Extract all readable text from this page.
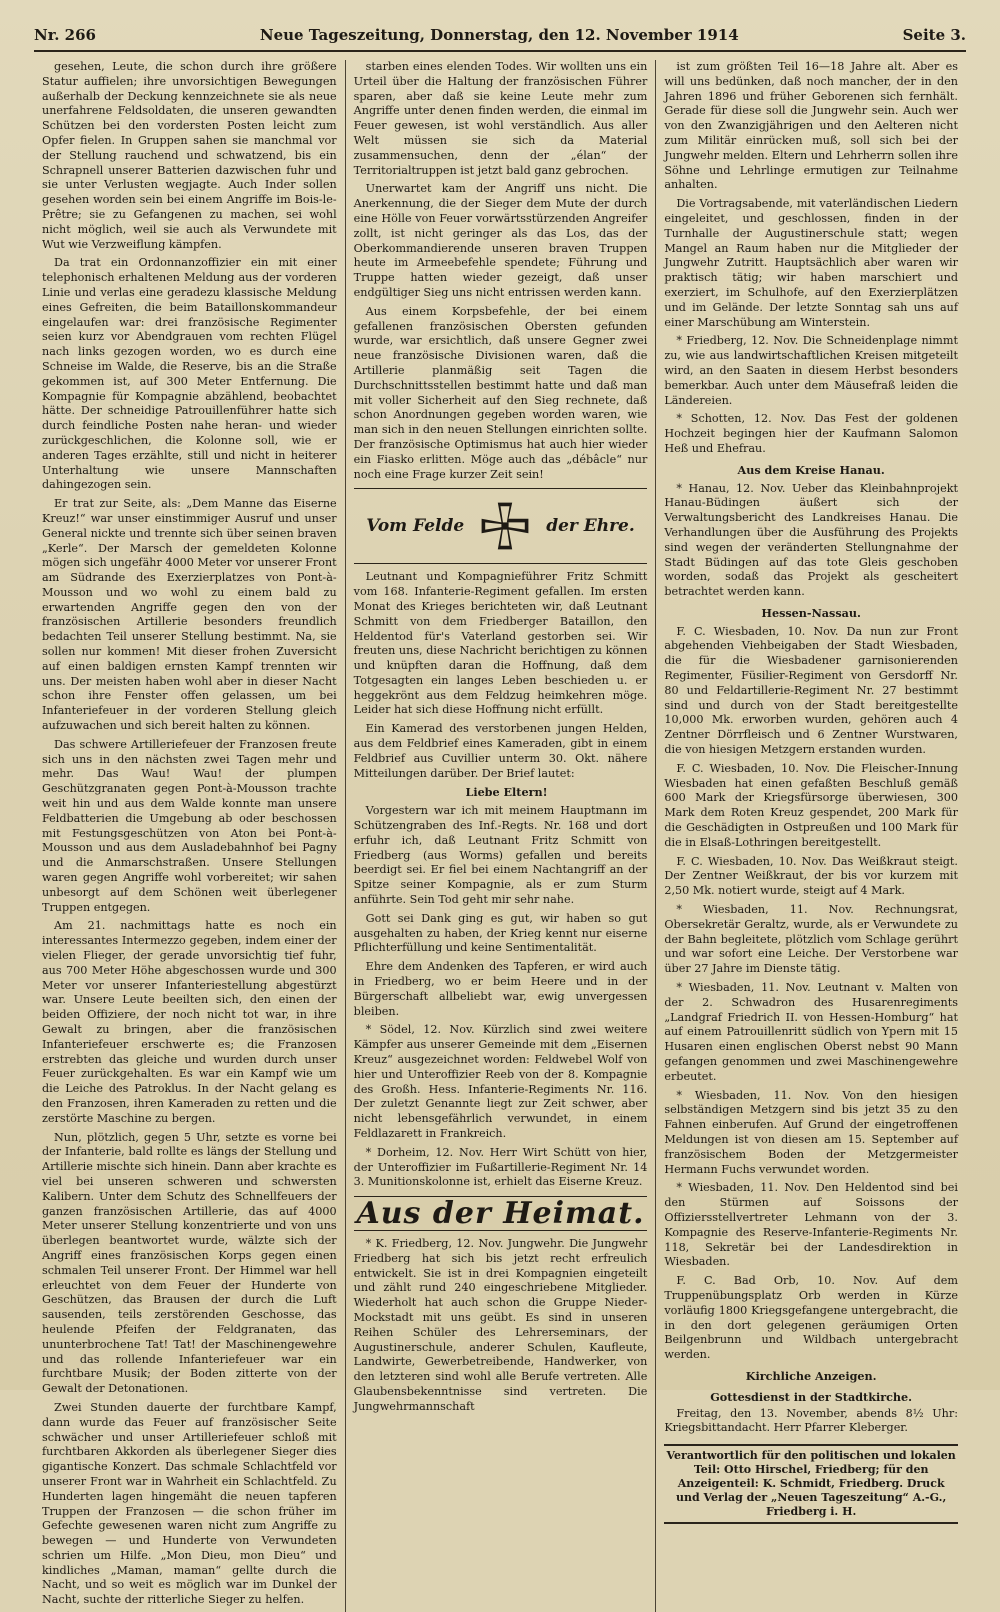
Nr. 266	Neue Tageszeitung, Donnerstag, den 12. November 1914	Seite 3.

gesehen, Leute, die schon durch ihre größere Statur auffielen; ihre unvorsichtigen Bewegungen außerhalb der Deckung kennzeichnete sie als neue unerfahrene Feldsoldaten, die unseren gewandten Schützen bei den vordersten Posten leicht zum Opfer fielen. In Gruppen sahen sie manchmal vor der Stellung rauchend und schwatzend, bis ein Schrapnell unserer Batterien dazwischen fuhr und sie unter Verlusten wegjagte. Auch Inder sollen gesehen worden sein bei einem Angriffe im Bois-le-Prêtre; sie zu Gefangenen zu machen, sei wohl nicht möglich, weil sie auch als Verwundete mit Wut wie Verzweiflung kämpfen.

Da trat ein Ordonnanzoffizier ein mit einer telephonisch erhaltenen Meldung aus der vorderen Linie und verlas eine geradezu klassische Meldung eines Gefreiten, die beim Bataillonskommandeur eingelaufen war: drei französische Regimenter seien kurz vor Abendgrauen vom rechten Flügel nach links gezogen worden, wo es durch eine Schneise im Walde, die Reserve, bis an die Straße gekommen ist, auf 300 Meter Entfernung. Die Kompagnie für Kompagnie abzählend, beobachtet hätte. Der schneidige Patrouillenführer hatte sich durch feindliche Posten nahe heran- und wieder zurückgeschlichen, die Kolonne soll, wie er anderen Tages erzählte, still und nicht in heiterer Unterhaltung wie unsere Mannschaften dahingezogen sein.

Er trat zur Seite, als: „Dem Manne das Eiserne Kreuz!“ war unser einstimmiger Ausruf und unser General nickte und trennte sich über seinen braven „Kerle“. Der Marsch der gemeldeten Kolonne mögen sich ungefähr 4000 Meter vor unserer Front am Südrande des Exerzierplatzes von Pont-à-Mousson und wo wohl zu einem bald zu erwartenden Angriffe gegen den von der französischen Artillerie besonders freundlich bedachten Teil unserer Stellung bestimmt. Na, sie sollen nur kommen! Mit dieser frohen Zuversicht auf einen baldigen ernsten Kampf trennten wir uns. Der meisten haben wohl aber in dieser Nacht schon ihre Fenster offen gelassen, um bei Infanteriefeuer in der vorderen Stellung gleich aufzuwachen und sich bereit halten zu können.

Das schwere Artilleriefeuer der Franzosen freute sich uns in den nächsten zwei Tagen mehr und mehr. Das Wau! Wau! der plumpen Geschützgranaten gegen Pont-à-Mousson trachte weit hin und aus dem Walde konnte man unsere Feldbatterien die Umgebung ab oder beschossen mit Festungsgeschützen von Aton bei Pont-à-Mousson und aus dem Ausladebahnhof bei Pagny und die Anmarschstraßen. Unsere Stellungen waren gegen Angriffe wohl vorbereitet; wir sahen unbesorgt auf dem Schönen weit überlegener Truppen entgegen.

Am 21. nachmittags hatte es noch ein interessantes Intermezzo gegeben, indem einer der vielen Flieger, der gerade unvorsichtig tief fuhr, aus 700 Meter Höhe abgeschossen wurde und 300 Meter vor unserer Infanteriestellung abgestürzt war. Unsere Leute beeilten sich, den einen der beiden Offiziere, der noch nicht tot war, in ihre Gewalt zu bringen, aber die französischen Infanteriefeuer erschwerte es; die Franzosen erstrebten das gleiche und wurden durch unser Feuer zurückgehalten. Es war ein Kampf wie um die Leiche des Patroklus. In der Nacht gelang es den Franzosen, ihren Kameraden zu retten und die zerstörte Maschine zu bergen.

Nun, plötzlich, gegen 5 Uhr, setzte es vorne bei der Infanterie, bald rollte es längs der Stellung und Artillerie mischte sich hinein. Dann aber krachte es viel bei unseren schweren und schwersten Kalibern. Unter dem Schutz des Schnellfeuers der ganzen französischen Artillerie, das auf 4000 Meter unserer Stellung konzentrierte und von uns überlegen beantwortet wurde, wälzte sich der Angriff eines französischen Korps gegen einen schmalen Teil unserer Front. Der Himmel war hell erleuchtet von dem Feuer der Hunderte von Geschützen, das Brausen der durch die Luft sausenden, teils zerstörenden Geschosse, das heulende Pfeifen der Feldgranaten, das ununterbrochene Tat! Tat! der Maschinengewehre und das rollende Infanteriefeuer war ein furchtbare Musik; der Boden zitterte von der Gewalt der Detonationen.

Zwei Stunden dauerte der furchtbare Kampf, dann wurde das Feuer auf französischer Seite schwächer und unser Artilleriefeuer schloß mit furchtbaren Akkorden als überlegener Sieger dies gigantische Konzert. Das schmale Schlachtfeld vor unserer Front war in Wahrheit ein Schlachtfeld. Zu Hunderten lagen hingemäht die neuen tapferen Truppen der Franzosen — die schon früher im Gefechte gewesenen waren nicht zum Angriffe zu bewegen — und Hunderte von Verwundeten schrien um Hilfe. „Mon Dieu, mon Dieu“ und kindliches „Maman, maman“ gellte durch die Nacht, und so weit es möglich war im Dunkel der Nacht, suchte der ritterliche Sieger zu helfen.

starben eines elenden Todes. Wir wollten uns ein Urteil über die Haltung der französischen Führer sparen, aber daß sie keine Leute mehr zum Angriffe unter denen finden werden, die einmal im Feuer gewesen, ist wohl verständlich. Aus aller Welt müssen sie sich da Material zusammensuchen, denn der „élan“ der Territorialtruppen ist jetzt bald ganz gebrochen.

Unerwartet kam der Angriff uns nicht. Die Anerkennung, die der Sieger dem Mute der durch eine Hölle von Feuer vorwärtsstürzenden Angreifer zollt, ist nicht geringer als das Los, das der Oberkommandierende unseren braven Truppen heute im Armeebefehle spendete; Führung und Truppe hatten wieder gezeigt, daß unser endgültiger Sieg uns nicht entrissen werden kann.

Aus einem Korpsbefehle, der bei einem gefallenen französischen Obersten gefunden wurde, war ersichtlich, daß unsere Gegner zwei neue französische Divisionen waren, daß die Artillerie planmäßig seit Tagen die Durchschnittsstellen bestimmt hatte und daß man mit voller Sicherheit auf den Sieg rechnete, daß schon Anordnungen gegeben worden waren, wie man sich in den neuen Stellungen einrichten sollte. Der französische Optimismus hat auch hier wieder ein Fiasko erlitten. Möge auch das „débâcle“ nur noch eine Frage kurzer Zeit sein!

Vom Felde	der Ehre.

Leutnant und Kompagnieführer Fritz Schmitt vom 168. Infanterie-Regiment gefallen. Im ersten Monat des Krieges berichteten wir, daß Leutnant Schmitt von dem Friedberger Bataillon, den Heldentod für's Vaterland gestorben sei. Wir freuten uns, diese Nachricht berichtigen zu können und knüpften daran die Hoffnung, daß dem Totgesagten ein langes Leben beschieden u. er heggekrönt aus dem Feldzug heimkehren möge. Leider hat sich diese Hoffnung nicht erfüllt.

Ein Kamerad des verstorbenen jungen Helden, aus dem Feldbrief eines Kameraden, gibt in einem Feldbrief aus Cuvillier unterm 30. Okt. nähere Mitteilungen darüber. Der Brief lautet:

Liebe Eltern!

Vorgestern war ich mit meinem Hauptmann im Schützengraben des Inf.-Regts. Nr. 168 und dort erfuhr ich, daß Leutnant Fritz Schmitt von Friedberg (aus Worms) gefallen und bereits beerdigt sei. Er fiel bei einem Nachtangriff an der Spitze seiner Kompagnie, als er zum Sturm anführte. Sein Tod geht mir sehr nahe.

Gott sei Dank ging es gut, wir haben so gut ausgehalten zu haben, der Krieg kennt nur eiserne Pflichterfüllung und keine Sentimentalität.

Ehre dem Andenken des Tapferen, er wird auch in Friedberg, wo er beim Heere und in der Bürgerschaft allbeliebt war, ewig unvergessen bleiben.

* Södel, 12. Nov. Kürzlich sind zwei weitere Kämpfer aus unserer Gemeinde mit dem „Eisernen Kreuz“ ausgezeichnet worden: Feldwebel Wolf von hier und Unteroffizier Reeb von der 8. Kompagnie des Großh. Hess. Infanterie-Regiments Nr. 116. Der zuletzt Genannte liegt zur Zeit schwer, aber nicht lebensgefährlich verwundet, in einem Feldlazarett in Frankreich.

* Dorheim, 12. Nov. Herr Wirt Schütt von hier, der Unteroffizier im Fußartillerie-Regiment Nr. 14 3. Munitionskolonne ist, erhielt das Eiserne Kreuz.

Aus der Heimat.

* K. Friedberg, 12. Nov. Jungwehr. Die Jungwehr Friedberg hat sich bis jetzt recht erfreulich entwickelt. Sie ist in drei Kompagnien eingeteilt und zählt rund 240 eingeschriebene Mitglieder. Wiederholt hat auch schon die Gruppe Nieder-Mockstadt mit uns geübt. Es sind in unseren Reihen Schüler des Lehrerseminars, der Augustinerschule, anderer Schulen, Kaufleute, Landwirte, Gewerbetreibende, Handwerker, von den letzteren sind wohl alle Berufe vertreten. Alle Glaubensbekenntnisse sind vertreten. Die Jungwehrmannschaft

ist zum größten Teil 16—18 Jahre alt. Aber es will uns bedünken, daß noch mancher, der in den Jahren 1896 und früher Geborenen sich fernhält. Gerade für diese soll die Jungwehr sein. Auch wer von den Zwanzigjährigen und den Aelteren nicht zum Militär einrücken muß, soll sich bei der Jungwehr melden. Eltern und Lehrherrn sollen ihre Söhne und Lehrlinge ermutigen zur Teilnahme anhalten.

Die Vortragsabende, mit vaterländischen Liedern eingeleitet, und geschlossen, finden in der Turnhalle der Augustinerschule statt; wegen Mangel an Raum haben nur die Mitglieder der Jungwehr Zutritt. Hauptsächlich aber waren wir praktisch tätig; wir haben marschiert und exerziert, im Schulhofe, auf den Exerzierplätzen und im Gelände. Der letzte Sonntag sah uns auf einer Marschübung am Winterstein.

* Friedberg, 12. Nov. Die Schneidenplage nimmt zu, wie aus landwirtschaftlichen Kreisen mitgeteilt wird, an den Saaten in diesem Herbst besonders bemerkbar. Auch unter dem Mäusefraß leiden die Ländereien.

* Schotten, 12. Nov. Das Fest der goldenen Hochzeit begingen hier der Kaufmann Salomon Heß und Ehefrau.

Aus dem Kreise Hanau.

* Hanau, 12. Nov. Ueber das Kleinbahnprojekt Hanau-Büdingen äußert sich der Verwaltungsbericht des Landkreises Hanau. Die Verhandlungen über die Ausführung des Projekts sind wegen der veränderten Stellungnahme der Stadt Büdingen auf das tote Gleis geschoben worden, sodaß das Projekt als gescheitert betrachtet werden kann.

Hessen-Nassau.

F. C. Wiesbaden, 10. Nov. Da nun zur Front abgehenden Viehbeigaben der Stadt Wiesbaden, die für die Wiesbadener garnisonierenden Regimenter, Füsilier-Regiment von Gersdorff Nr. 80 und Feldartillerie-Regiment Nr. 27 bestimmt sind und durch von der Stadt bereitgestellte 10,000 Mk. erworben wurden, gehören auch 4 Zentner Dörrfleisch und 6 Zentner Wurstwaren, die von hiesigen Metzgern erstanden wurden.

F. C. Wiesbaden, 10. Nov. Die Fleischer-Innung Wiesbaden hat einen gefaßten Beschluß gemäß 600 Mark der Kriegsfürsorge überwiesen, 300 Mark dem Roten Kreuz gespendet, 200 Mark für die Geschädigten in Ostpreußen und 100 Mark für die in Elsaß-Lothringen bereitgestellt.

F. C. Wiesbaden, 10. Nov. Das Weißkraut steigt. Der Zentner Weißkraut, der bis vor kurzem mit 2,50 Mk. notiert wurde, steigt auf 4 Mark.

* Wiesbaden, 11. Nov. Rechnungsrat, Obersekretär Geraltz, wurde, als er Verwundete zu der Bahn begleitete, plötzlich vom Schlage gerührt und war sofort eine Leiche. Der Verstorbene war über 27 Jahre im Dienste tätig.

* Wiesbaden, 11. Nov. Leutnant v. Malten von der 2. Schwadron des Husarenregiments „Landgraf Friedrich II. von Hessen-Homburg“ hat auf einem Patrouillenritt südlich von Ypern mit 15 Husaren einen englischen Oberst nebst 90 Mann gefangen genommen und zwei Maschinengewehre erbeutet.

* Wiesbaden, 11. Nov. Von den hiesigen selbständigen Metzgern sind bis jetzt 35 zu den Fahnen einberufen. Auf Grund der eingetroffenen Meldungen ist von diesen am 15. September auf französischem Boden der Metzgermeister Hermann Fuchs verwundet worden.

* Wiesbaden, 11. Nov. Den Heldentod sind bei den Stürmen auf Soissons der Offiziersstellvertreter Lehmann von der 3. Kompagnie des Reserve-Infanterie-Regiments Nr. 118, Sekretär bei der Landesdirektion in Wiesbaden.

F. C. Bad Orb, 10. Nov. Auf dem Truppenübungsplatz Orb werden in Kürze vorläufig 1800 Kriegsgefangene untergebracht, die in den dort gelegenen geräumigen Orten Beilgenbrunn und Wildbach untergebracht werden.

Kirchliche Anzeigen.
Gottesdienst in der Stadtkirche.

Freitag, den 13. November, abends 8½ Uhr: Kriegsbittandacht. Herr Pfarrer Kleberger.

Verantwortlich für den politischen und lokalen Teil: Otto Hirschel, Friedberg; für den Anzeigenteil: K. Schmidt, Friedberg. Druck und Verlag der „Neuen Tageszeitung“ A.-G., Friedberg i. H.
